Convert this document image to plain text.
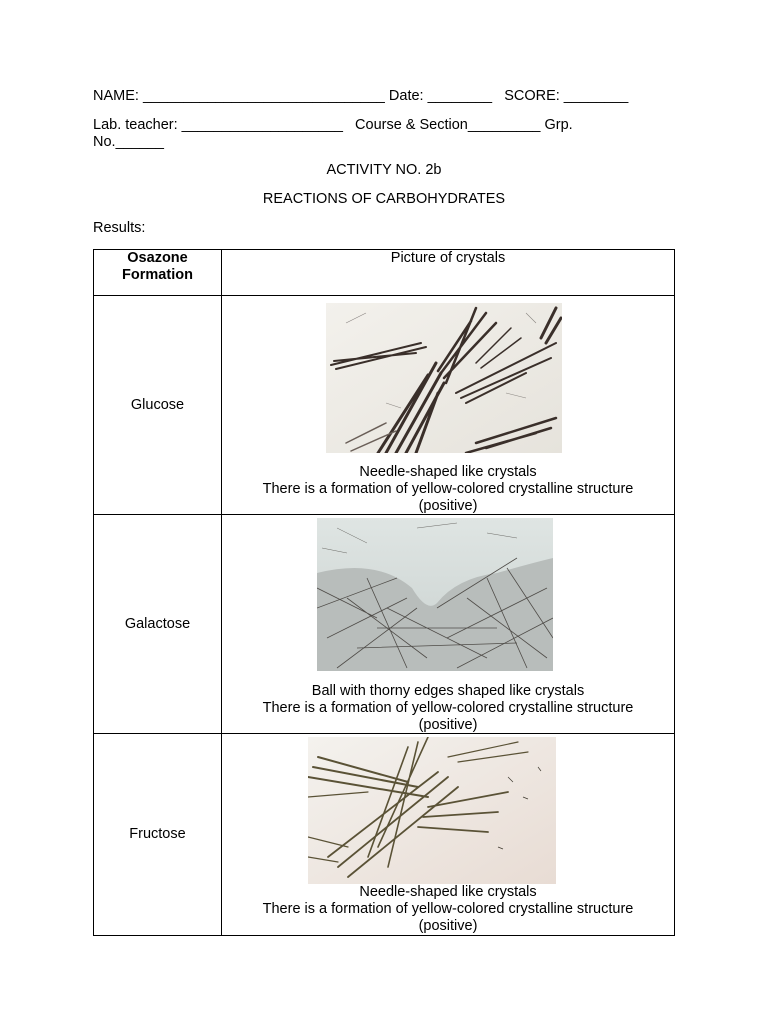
NAME: ______________________________ Date: ________   SCORE: ________
Lab. teacher: ____________________   Course & Section_________ Grp.
No.______
ACTIVITY NO. 2b
REACTIONS OF CARBOHYDRATES
Results:
Osazone
Formation	Picture of crystals

Glucose	Needle-shaped like crystals
There is a formation of yellow-colored crystalline structure
(positive)

Galactose	Ball with thorny edges shaped like crystals
There is a formation of yellow-colored crystalline structure
(positive)

Fructose	Needle-shaped like crystals
There is a formation of yellow-colored crystalline structure
(positive)
